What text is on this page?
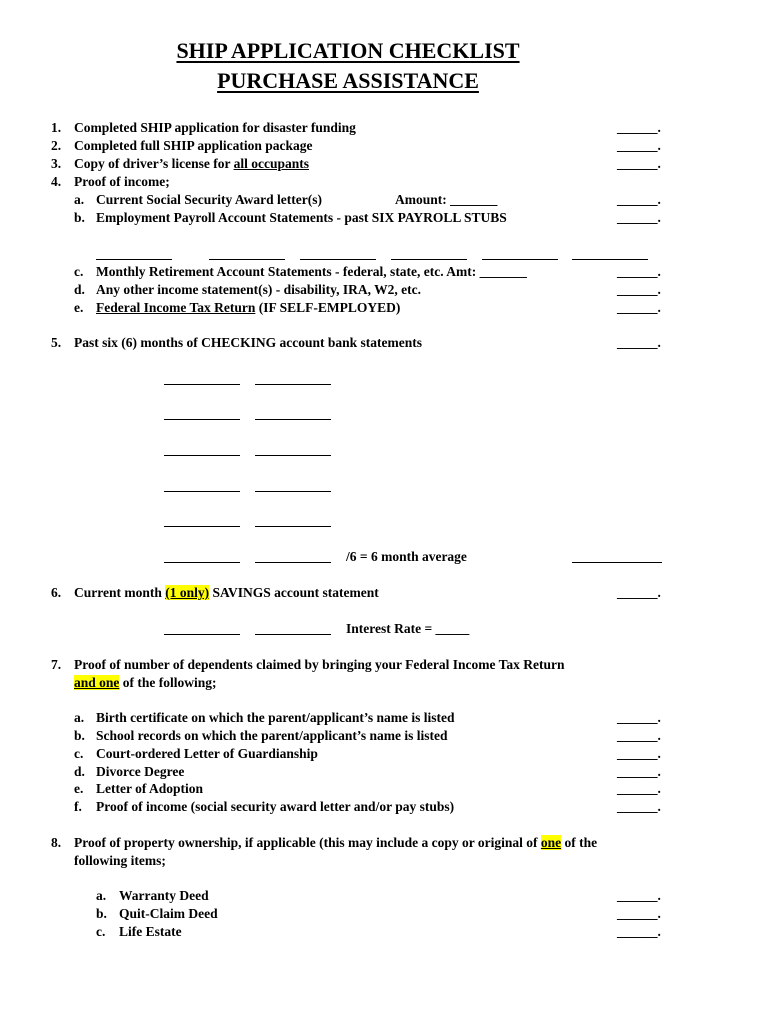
SHIP APPLICATION CHECKLIST
PURCHASE ASSISTANCE
1. Completed SHIP application for disaster funding	______.
2. Completed full SHIP application package	______.
3. Copy of driver’s license for all occupants	______.
4. Proof of income;
a. Current Social Security Award letter(s)	Amount: _______	______.
b. Employment Payroll Account Statements - past SIX PAYROLL STUBS	______.
c. Monthly Retirement Account Statements - federal, state, etc. Amt: _______	______.
d. Any other income statement(s) - disability, IRA, W2, etc.	______.
e. Federal Income Tax Return (IF SELF-EMPLOYED)	______.
5. Past six (6) months of CHECKING account bank statements	______.
/6 = 6 month average
6. Current month (1 only) SAVINGS account statement	______.
Interest Rate = _____
7. Proof of number of dependents claimed by bringing your Federal Income Tax Return
and one of the following;
a. Birth certificate on which the parent/applicant’s name is listed	______.
b. School records on which the parent/applicant’s name is listed	______.
c. Court-ordered Letter of Guardianship	______.
d. Divorce Degree	______.
e. Letter of Adoption	______.
f. Proof of income (social security award letter and/or pay stubs)	______.
8. Proof of property ownership, if applicable (this may include a copy or original of one of the
following items;
a. Warranty Deed	______.
b. Quit-Claim Deed	______.
c. Life Estate	______.
